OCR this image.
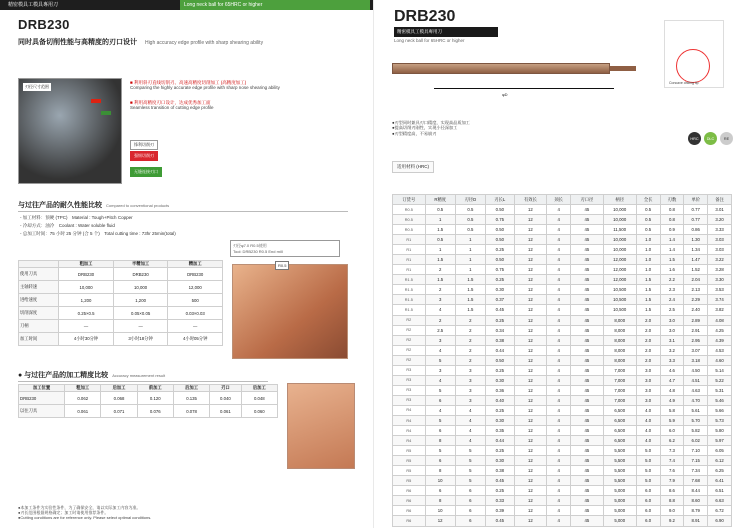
精密模具工模具專用刀	Long neck ball for 65HRC or higher
DRB230
同时具备切削性能与高精度的刃口设计 High accuracy edge profile with sharp shearing ability
刃径尺寸范围
■ 利用斜刃直线切削刃、高速高精度切削加工 (高精度加工)
Comparing the highly accurate edge profile with sharp nose shearing ability
■ 利用高精度刃口设计，达成优秀加工面
Seamless transition of cutting edge profile
锋利切削刃
强韧切削刃
无缝连接刃口
与过往产品的耐久性能比较 Compared to conventional products
- 加工材料：预硬 (TPC)　Material : Tough+Pitch Copper
- 冷却方式：油冷　Coolant : Water soluble fluid
- 总加工时间：75 小时 25 分钟 (合 5 个)　Total cutting time : 73hr 25min(total)
刃径φ7.0 R0.5使用
Tool: DRB230 R0.5 End mill
	粗加工	半精加工	精加工
使用刀具	DRB230	DRB230	DRB230
主轴转速	10,000	10,000	12,000
进给速度	1,200	1,200	500
切削深度	0.25×0.5	0.05×0.05	0.03×0.03
刀柄	—	—	—
加工时间	4小时30分钟	3小时18分钟	4小时05分钟
R0.5
● 与过往产品的加工精度比较 Accuracy measurement result
加工位置	粗加工	后加工	前加工	后加工	刃口	后加工
DRB230	0.062	0.068	0.120	0.135	0.040	0.048
以往刀具	0.061	0.071	0.076	0.078	0.061	0.060
●本加工条件为实验性条件，为了确保安全，请以实际加工内容为准。
●刃长范围根据规格确定；加工时请使用推荐条件。
●Cutting conditions are for reference only. Please select optimal conditions.
DRB230
精密模具工模具專用刀
Long neck ball for 65HRC or higher
φD
Concave drilling tip
●刃型同时兼具刃口精度，实现高品质加工
●提高切削刃刚性，实现小径深加工
●刃型精度高，不易崩刃
HRC	DLC	RE
适用材料 (HRC)
订货号	R精度	刃径D	刃长L	有效长	颈长	刃口径	柄径	全长	刃数	单价	备注
R0.5	0.5	0.5	0.50	12	4	45	10,000	0.5	0.8	0.77	3.01
R0.5	1	0.5	0.75	12	4	45	10,000	0.5	0.8	0.77	3.20
R0.5	1.5	0.5	0.50	12	4	45	11,500	0.5	0.9	0.86	3.33
R1	0.5	1	0.50	12	4	45	10,000	1.0	1.4	1.30	3.03
R1	1	1	0.25	12	4	45	10,000	1.0	1.4	1.34	3.03
R1	1.5	1	0.50	12	4	45	12,000	1.0	1.5	1.47	3.22
R1	2	1	0.75	12	4	45	12,000	1.0	1.6	1.52	3.28
R1.5	1.5	1.5	0.25	12	4	45	12,000	1.5	2.2	2.04	3.30
R1.5	2	1.5	0.30	12	4	45	10,500	1.5	2.3	2.13	3.53
R1.5	3	1.5	0.37	12	4	45	10,500	1.5	2.4	2.29	3.74
R1.5	4	1.5	0.45	12	4	45	10,500	1.5	2.5	2.40	3.82
R2	2	2	0.25	12	4	45	8,000	2.0	3.0	2.89	4.08
R2	2.5	2	0.34	12	4	45	8,000	2.0	3.0	2.91	4.25
R2	3	2	0.38	12	4	45	8,000	2.0	3.1	2.95	4.39
R2	4	2	0.44	12	4	45	8,000	2.0	3.2	3.07	4.53
R2	5	2	0.50	12	4	45	8,000	2.0	3.3	3.18	4.60
R3	3	3	0.25	12	4	45	7,000	3.0	4.6	4.50	5.14
R3	4	3	0.30	12	4	45	7,000	3.0	4.7	4.51	5.22
R3	5	3	0.36	12	4	45	7,000	3.0	4.8	4.63	5.31
R3	6	3	0.40	12	4	45	7,000	3.0	4.9	4.70	5.46
R4	4	4	0.25	12	4	45	6,500	4.0	5.8	5.61	5.66
R4	5	4	0.30	12	4	45	6,500	4.0	5.9	5.70	5.73
R4	6	4	0.35	12	4	45	6,500	4.0	6.0	5.82	5.80
R4	8	4	0.44	12	4	45	6,500	4.0	6.2	6.02	5.97
R5	5	5	0.25	12	4	45	5,500	5.0	7.3	7.10	6.05
R5	6	5	0.30	12	4	45	5,500	5.0	7.4	7.15	6.12
R5	8	5	0.38	12	4	45	5,500	5.0	7.6	7.34	6.25
R5	10	5	0.45	12	4	45	5,500	5.0	7.9	7.68	6.41
R6	6	6	0.25	12	4	45	5,000	6.0	8.6	8.44	6.51
R6	8	6	0.33	12	4	45	5,000	6.0	8.8	8.60	6.63
R6	10	6	0.39	12	4	45	5,000	6.0	9.0	8.79	6.72
R6	12	6	0.45	12	4	45	5,000	6.0	9.2	8.91	6.90
